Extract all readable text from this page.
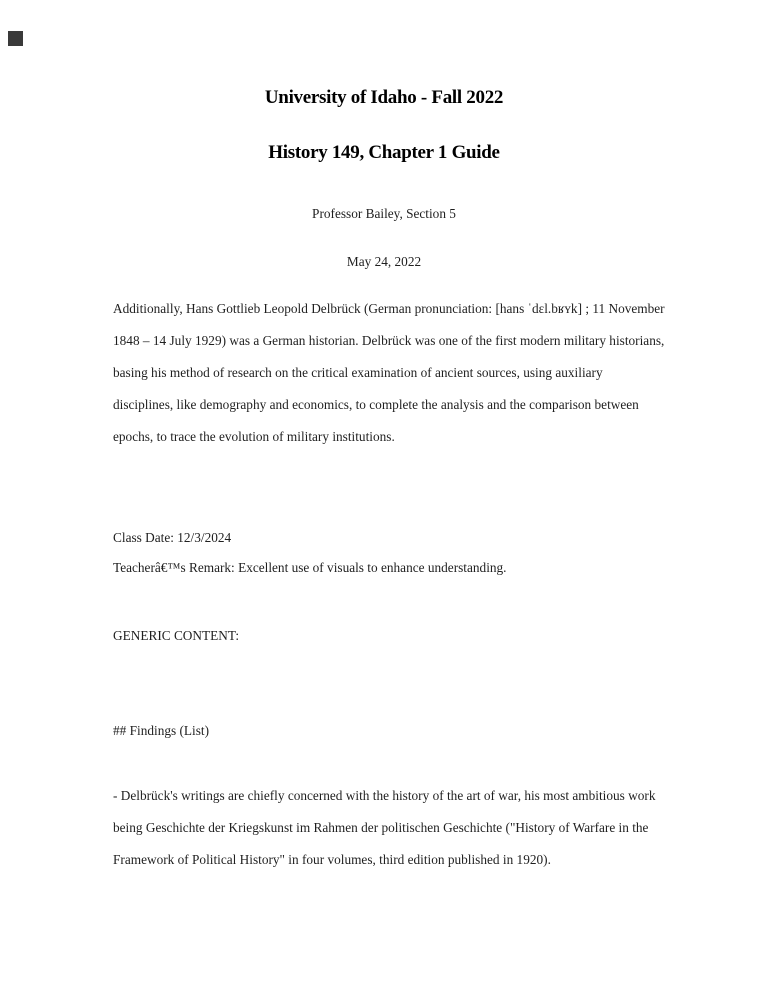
University of Idaho - Fall 2022
History 149, Chapter 1 Guide

Professor Bailey, Section 5

May 24, 2022

Additionally, Hans Gottlieb Leopold Delbrück (German pronunciation: [hans ˈdɛl.bʁʏk] ; 11 November 1848 – 14 July 1929) was a German historian. Delbrück was one of the first modern military historians, basing his method of research on the critical examination of ancient sources, using auxiliary disciplines, like demography and economics, to complete the analysis and the comparison between epochs, to trace the evolution of military institutions.

Class Date: 12/3/2024

Teacherâ€™s Remark: Excellent use of visuals to enhance understanding.

GENERIC CONTENT:

## Findings (List)

- Delbrück's writings are chiefly concerned with the history of the art of war, his most ambitious work being Geschichte der Kriegskunst im Rahmen der politischen Geschichte ("History of Warfare in the Framework of Political History" in four volumes, third edition published in 1920).
